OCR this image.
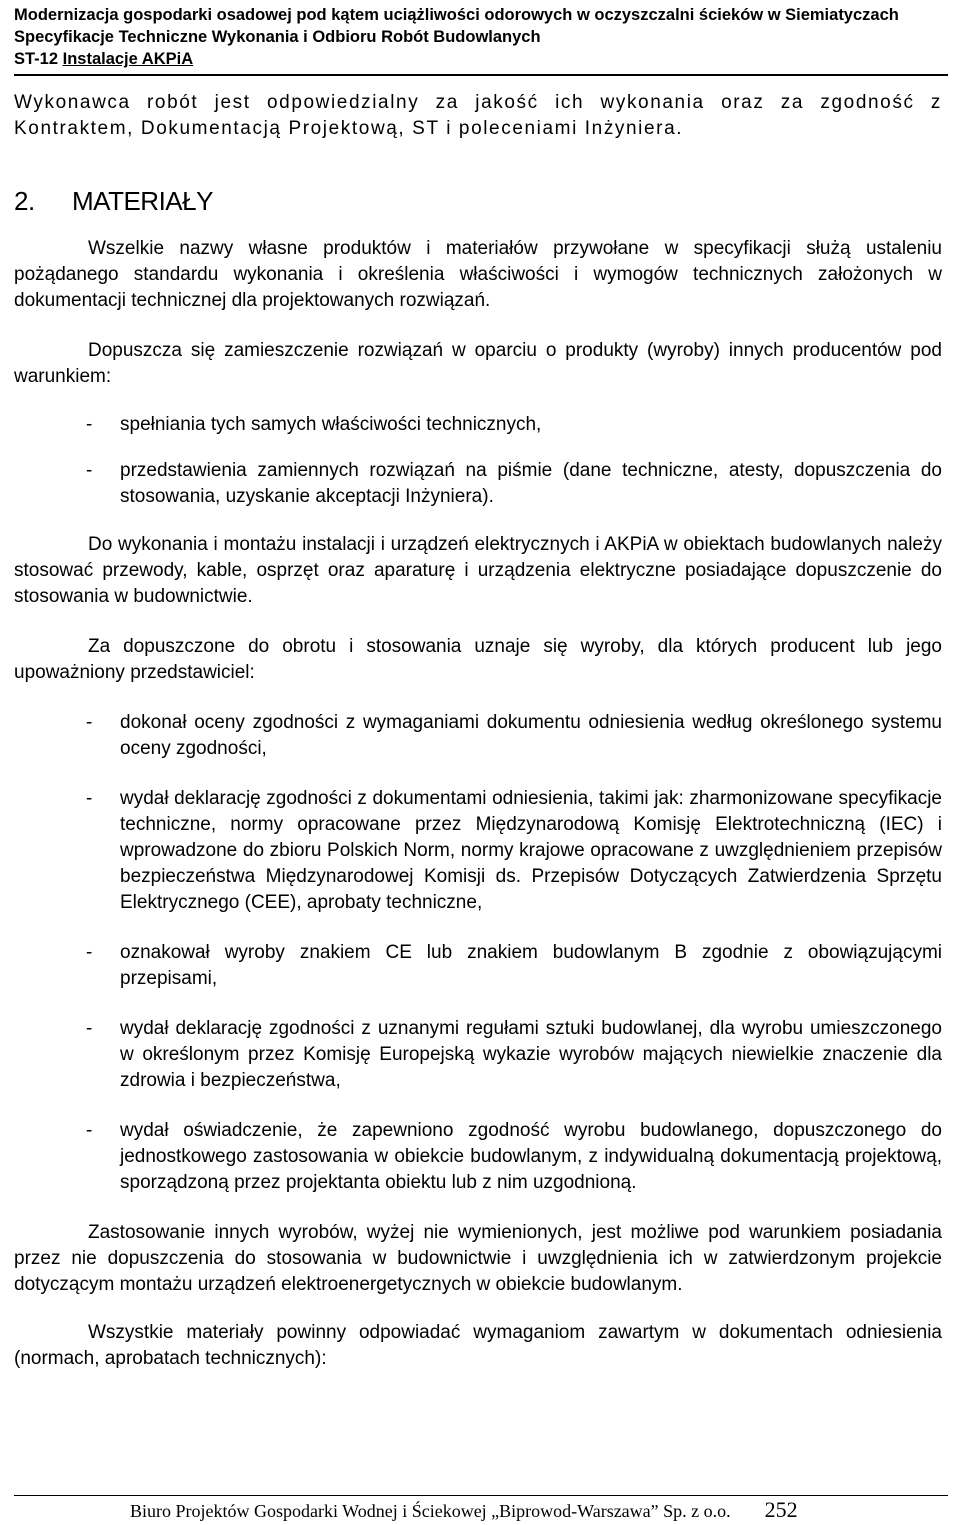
Modernizacja gospodarki osadowej pod kątem uciążliwości odorowych w oczyszczalni ścieków w Siemiatyczach
Specyfikacje Techniczne Wykonania i Odbioru Robót Budowlanych
ST-12 Instalacje AKPiA

Wykonawca robót jest odpowiedzialny za jakość ich wykonania oraz za zgodność z Kontraktem, Dokumentacją Projektową, ST i poleceniami Inżyniera.

2.	MATERIAŁY

Wszelkie nazwy własne produktów i materiałów przywołane w specyfikacji służą ustaleniu pożądanego standardu wykonania i określenia właściwości i wymogów technicznych założonych w dokumentacji technicznej dla projektowanych rozwiązań.

Dopuszcza się zamieszczenie rozwiązań w oparciu o produkty (wyroby) innych producentów pod warunkiem:

-	spełniania tych samych właściwości technicznych,
-	przedstawienia zamiennych rozwiązań na piśmie (dane techniczne, atesty, dopuszczenia do stosowania, uzyskanie akceptacji Inżyniera).

Do wykonania i montażu instalacji i urządzeń elektrycznych i AKPiA w obiektach budowlanych należy stosować przewody, kable, osprzęt oraz aparaturę i urządzenia elektryczne posiadające dopuszczenie do stosowania w budownictwie.

Za dopuszczone do obrotu i stosowania uznaje się wyroby, dla których producent lub jego upoważniony przedstawiciel:

-	dokonał oceny zgodności z wymaganiami dokumentu odniesienia według określonego systemu oceny zgodności,
-	wydał deklarację zgodności z dokumentami odniesienia, takimi jak: zharmonizowane specyfikacje techniczne, normy opracowane przez Międzynarodową Komisję Elektrotechniczną (IEC) i wprowadzone do zbioru Polskich Norm, normy krajowe opracowane z uwzględnieniem przepisów bezpieczeństwa Międzynarodowej Komisji ds. Przepisów Dotyczących Zatwierdzenia Sprzętu Elektrycznego (CEE), aprobaty techniczne,
-	oznakował wyroby znakiem CE lub znakiem budowlanym B zgodnie z obowiązującymi przepisami,
-	wydał deklarację zgodności z uznanymi regułami sztuki budowlanej, dla wyrobu umieszczonego w określonym przez Komisję Europejską wykazie wyrobów mających niewielkie znaczenie dla zdrowia i bezpieczeństwa,
-	wydał oświadczenie, że zapewniono zgodność wyrobu budowlanego, dopuszczonego do jednostkowego zastosowania w obiekcie budowlanym, z indywidualną dokumentacją projektową, sporządzoną przez projektanta obiektu lub z nim uzgodnioną.

Zastosowanie innych wyrobów, wyżej nie wymienionych, jest możliwe pod warunkiem posiadania przez nie dopuszczenia do stosowania w budownictwie i uwzględnienia ich w zatwierdzonym projekcie dotyczącym montażu urządzeń elektroenergetycznych w obiekcie budowlanym.

Wszystkie materiały powinny odpowiadać wymaganiom zawartym w dokumentach odniesienia (normach, aprobatach technicznych):

Biuro Projektów Gospodarki Wodnej i Ściekowej „Biprowod-Warszawa” Sp. z o.o. 252
